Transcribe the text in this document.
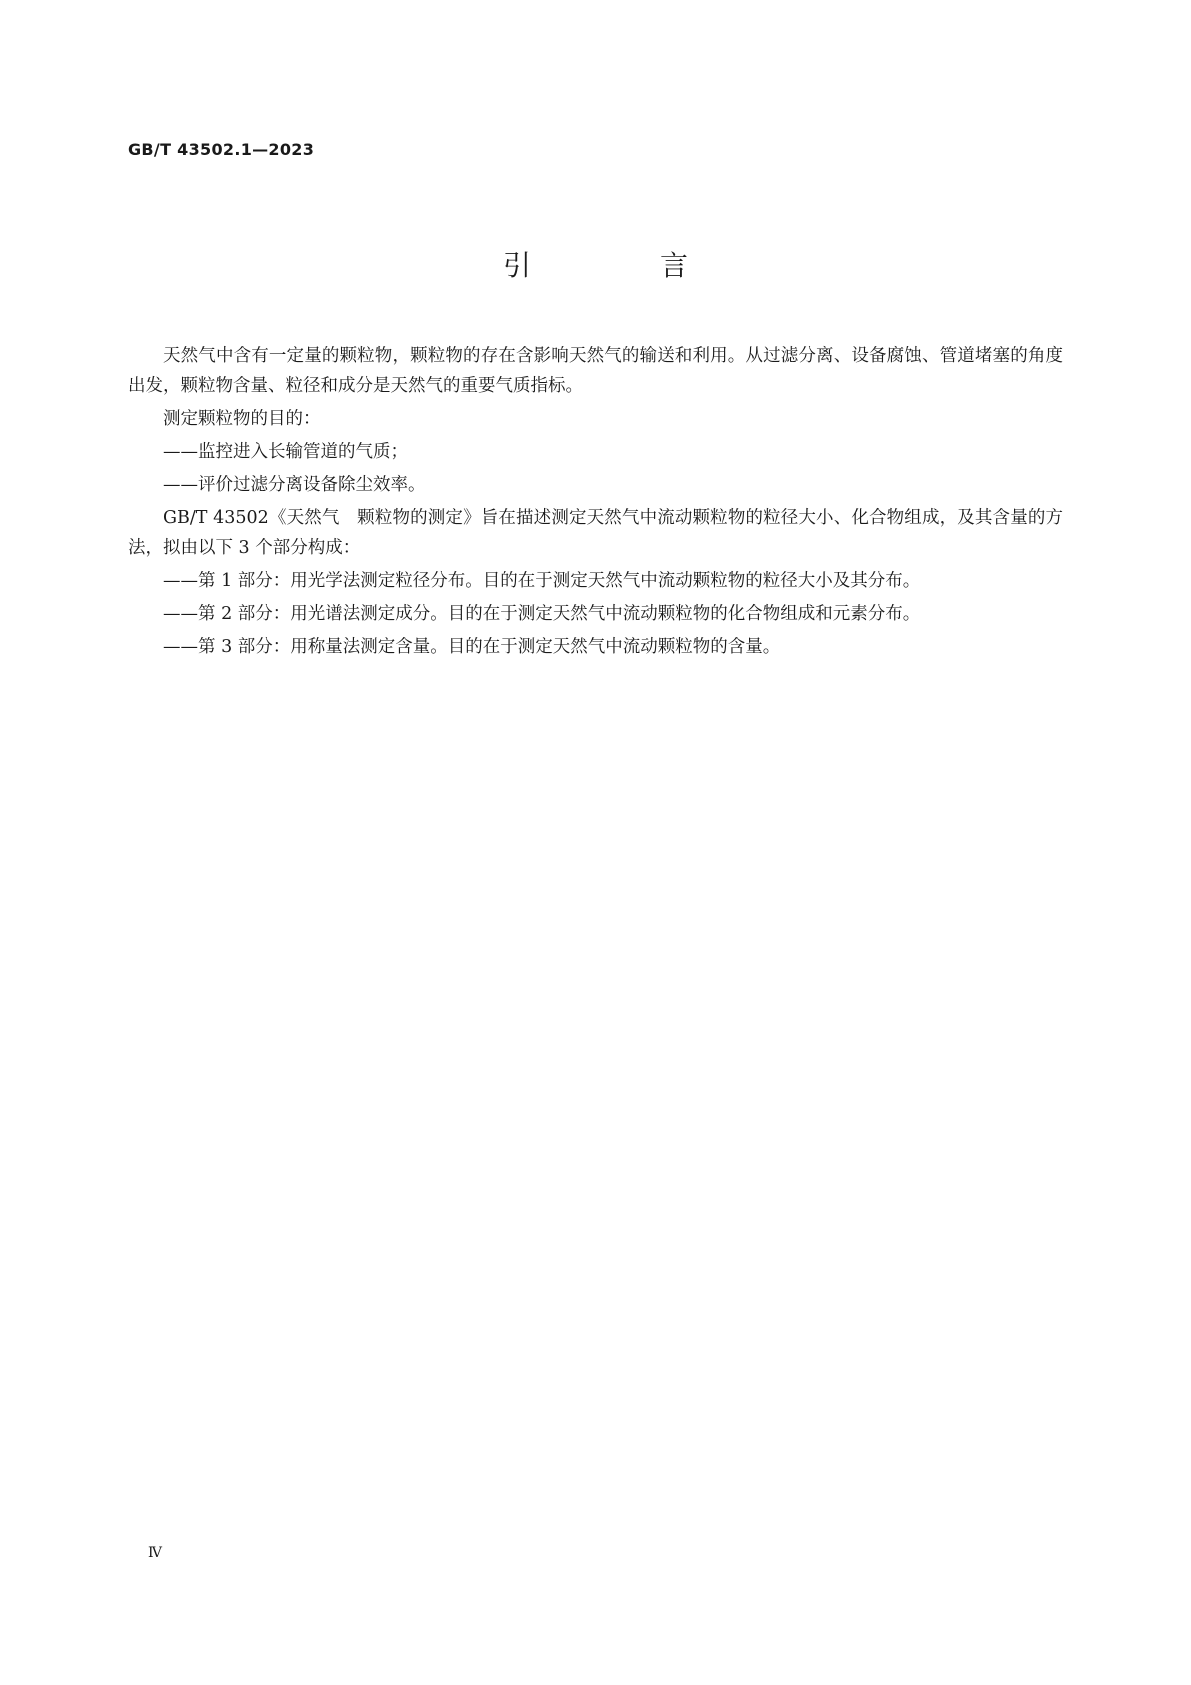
GB/T 43502.1—2023
引 言

天然气中含有一定量的颗粒物，颗粒物的存在含影响天然气的输送和利用。从过滤分离、设备腐蚀、管道堵塞的角度出发，颗粒物含量、粒径和成分是天然气的重要气质指标。

测定颗粒物的目的：

——监控进入长输管道的气质；

——评价过滤分离设备除尘效率。

GB/T 43502《天然气　颗粒物的测定》旨在描述测定天然气中流动颗粒物的粒径大小、化合物组成，及其含量的方法，拟由以下 3 个部分构成：

——第 1 部分：用光学法测定粒径分布。目的在于测定天然气中流动颗粒物的粒径大小及其分布。

——第 2 部分：用光谱法测定成分。目的在于测定天然气中流动颗粒物的化合物组成和元素分布。

——第 3 部分：用称量法测定含量。目的在于测定天然气中流动颗粒物的含量。

Ⅳ
